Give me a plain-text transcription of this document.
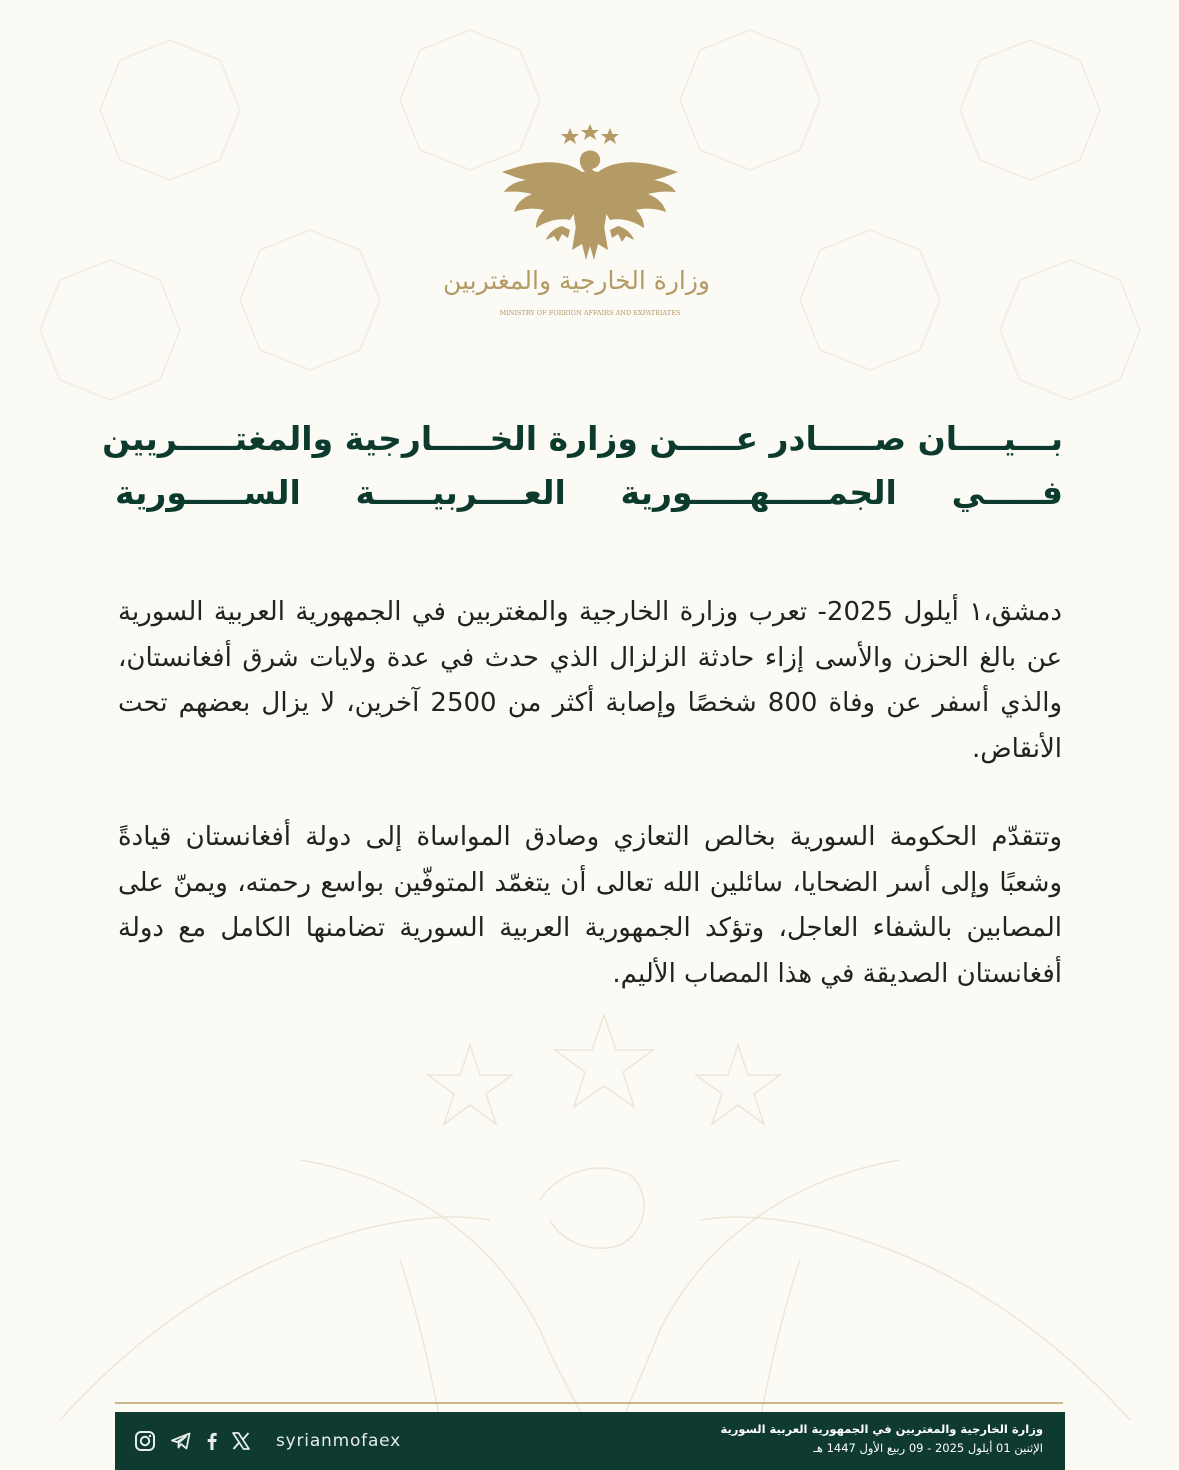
وزارة الخارجية والمغتربين
MINISTRY OF FOREIGN AFFAIRS AND EXPATRIATES
بـــيــــان صـــــادر عـــــن وزارة الخـــــارجية والمغتـــــريين
فـــــي الجمـــــهـــــورية العــــربيـــــة الســـــورية

دمشق،١ أيلول 2025- تعرب وزارة الخارجية والمغتربين في الجمهورية العربية السورية عن بالغ الحزن والأسى إزاء حادثة الزلزال الذي حدث في عدة ولايات شرق أفغانستان، والذي أسفر عن وفاة 800 شخصًا وإصابة أكثر من 2500 آخرين، لا يزال بعضهم تحت الأنقاض.

وتتقدّم الحكومة السورية بخالص التعازي وصادق المواساة إلى دولة أفغانستان قيادةً وشعبًا وإلى أسر الضحايا، سائلين الله تعالى أن يتغمّد المتوفّين بواسع رحمته، ويمنّ على المصابين بالشفاء العاجل، وتؤكد الجمهورية العربية السورية تضامنها الكامل مع دولة أفغانستان الصديقة في هذا المصاب الأليم.

وزارة الخارجية والمغتربين في الجمهورية العربية السورية
الإثنين 01 أيلول 2025 - 09 ربيع الأول 1447 هـ
syrianmofaex
